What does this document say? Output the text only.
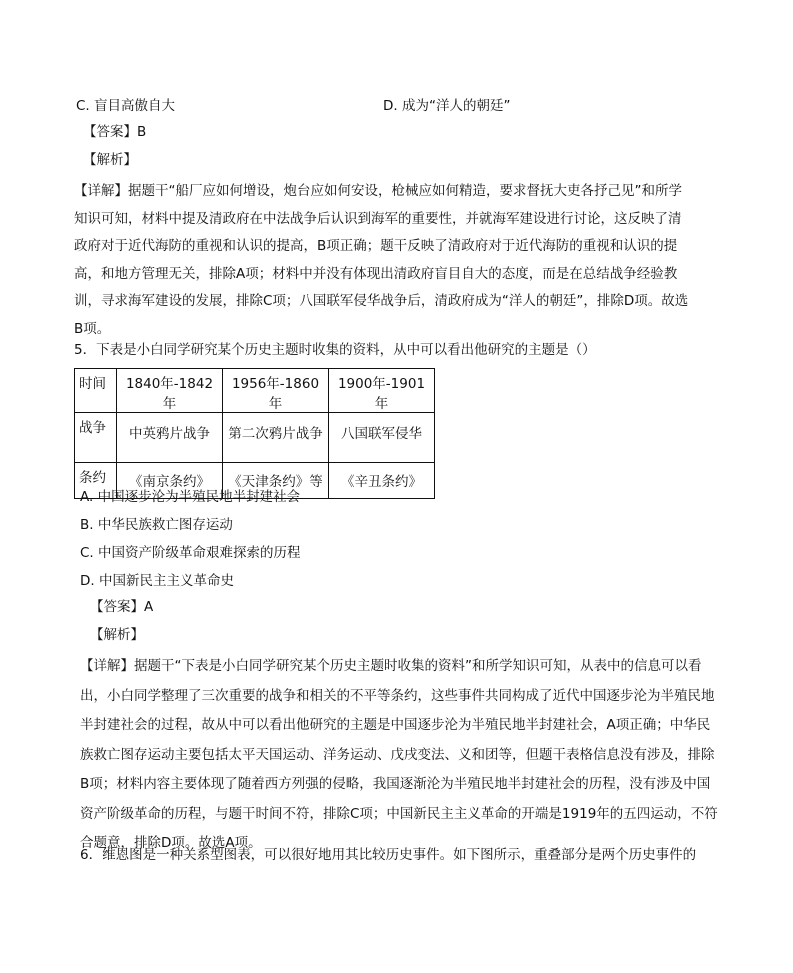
C. 盲目高傲自大	D. 成为“洋人的朝廷”
【答案】B
【解析】
【详解】据题干“船厂应如何增设，炮台应如何安设，枪械应如何精造，要求督抚大吏各抒己见”和所学知识可知，材料中提及清政府在中法战争后认识到海军的重要性，并就海军建设进行讨论，这反映了清政府对于近代海防的重视和认识的提高，B项正确；题干反映了清政府对于近代海防的重视和认识的提高，和地方管理无关，排除A项；材料中并没有体现出清政府盲目自大的态度，而是在总结战争经验教训，寻求海军建设的发展，排除C项；八国联军侵华战争后，清政府成为“洋人的朝廷”，排除D项。故选B项。
5．下表是小白同学研究某个历史主题时收集的资料，从中可以看出他研究的主题是（）
时间	1840年-1842年	1956年-1860年	1900年-1901年
战争	中英鸦片战争	第二次鸦片战争	八国联军侵华
条约	《南京条约》	《天津条约》等	《辛丑条约》
A. 中国逐步沦为半殖民地半封建社会
B. 中华民族救亡图存运动
C. 中国资产阶级革命艰难探索的历程
D. 中国新民主主义革命史
【答案】A
【解析】
【详解】据题干“下表是小白同学研究某个历史主题时收集的资料”和所学知识可知，从表中的信息可以看出，小白同学整理了三次重要的战争和相关的不平等条约，这些事件共同构成了近代中国逐步沦为半殖民地半封建社会的过程，故从中可以看出他研究的主题是中国逐步沦为半殖民地半封建社会，A项正确；中华民族救亡图存运动主要包括太平天国运动、洋务运动、戊戌变法、义和团等，但题干表格信息没有涉及，排除B项；材料内容主要体现了随着西方列强的侵略，我国逐渐沦为半殖民地半封建社会的历程，没有涉及中国资产阶级革命的历程，与题干时间不符，排除C项；中国新民主主义革命的开端是1919年的五四运动，不符合题意，排除D项。故选A项。
6．维恩图是一种关系型图表，可以很好地用其比较历史事件。如下图所示，重叠部分是两个历史事件的
